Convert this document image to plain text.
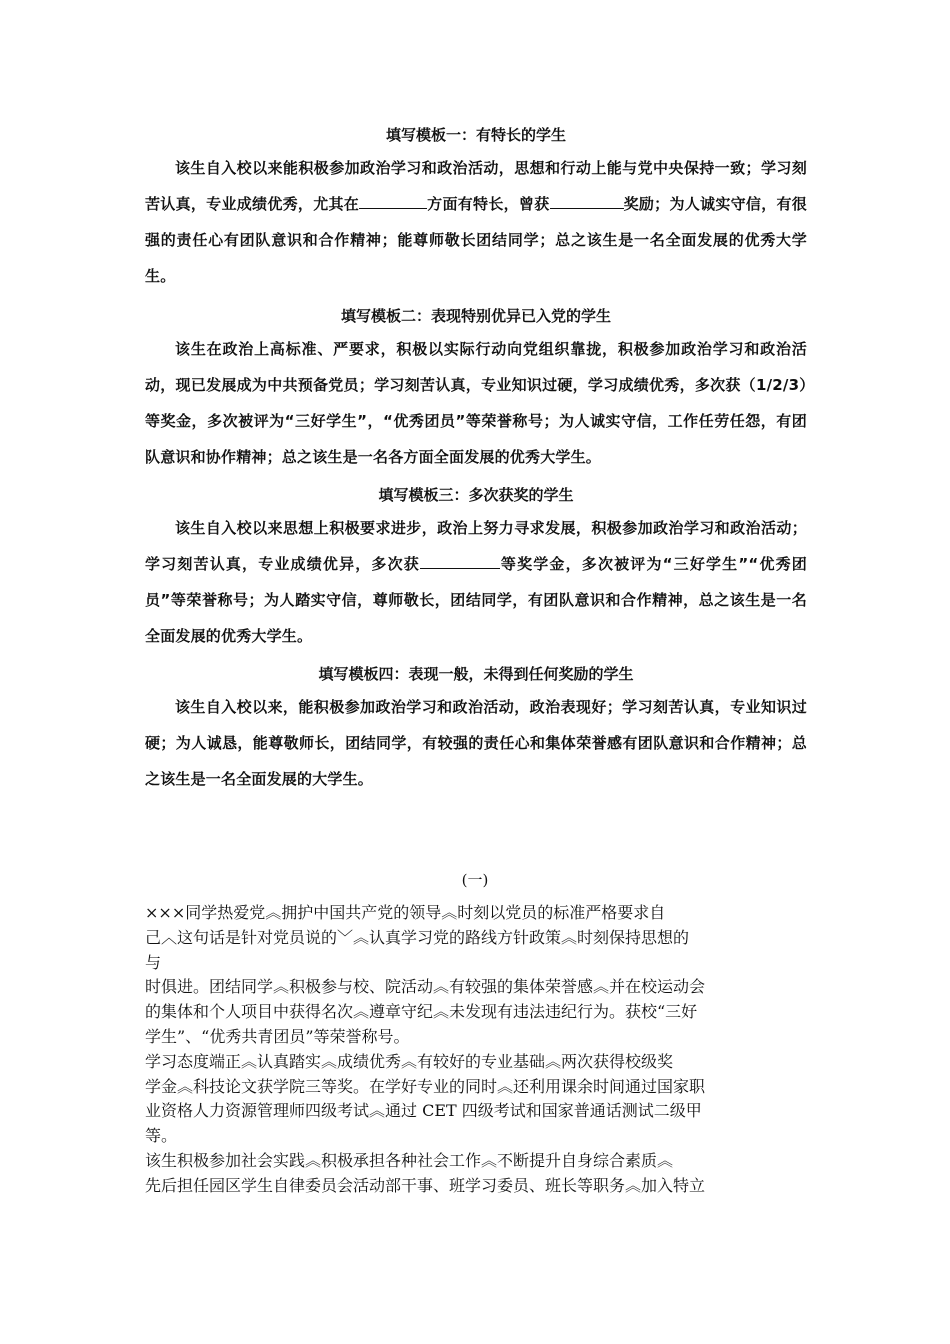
填写模板一：有特长的学生
该生自入校以来能积极参加政治学习和政治活动，思想和行动上能与党中央保持一致；学习刻苦认真，专业成绩优秀，尤其在	方面有特长，曾获	奖励；为人诚实守信，有很强的责任心有团队意识和合作精神；能尊师敬长团结同学；总之该生是一名全面发展的优秀大学生。
填写模板二：表现特别优异已入党的学生
该生在政治上高标准、严要求，积极以实际行动向党组织靠拢，积极参加政治学习和政治活动，现已发展成为中共预备党员；学习刻苦认真，专业知识过硬，学习成绩优秀，多次获（1/2/3）等奖金，多次被评为“三好学生”，“优秀团员”等荣誉称号；为人诚实守信，工作任劳任怨，有团队意识和协作精神；总之该生是一名各方面全面发展的优秀大学生。
填写模板三：多次获奖的学生
该生自入校以来思想上积极要求进步，政治上努力寻求发展，积极参加政治学习和政治活动；学习刻苦认真，专业成绩优异，多次获	等奖学金，多次被评为“三好学生”“优秀团员”等荣誉称号；为人踏实守信，尊师敬长，团结同学，有团队意识和合作精神，总之该生是一名全面发展的优秀大学生。
填写模板四：表现一般，未得到任何奖励的学生
该生自入校以来，能积极参加政治学习和政治活动，政治表现好；学习刻苦认真，专业知识过硬；为人诚恳，能尊敬师长，团结同学，有较强的责任心和集体荣誉感有团队意识和合作精神；总之该生是一名全面发展的大学生。
(一)
×××同学热爱党︽拥护中国共产党的领导︽时刻以党员的标准严格要求自
己︿这句话是针对党员说的﹀︽认真学习党的路线方针政策︽时刻保持思想的
与
时俱进。团结同学︽积极参与校、院活动︽有较强的集体荣誉感︽并在校运动会
的集体和个人项目中获得名次︽遵章守纪︽未发现有违法违纪行为。获校“三好
学生”、“优秀共青团员”等荣誉称号。
学习态度端正︽认真踏实︽成绩优秀︽有较好的专业基础︽两次获得校级奖
学金︽科技论文获学院三等奖。在学好专业的同时︽还利用课余时间通过国家职
业资格人力资源管理师四级考试︽通过 CET 四级考试和国家普通话测试二级甲
等。
该生积极参加社会实践︽积极承担各种社会工作︽不断提升自身综合素质︽
先后担任园区学生自律委员会活动部干事、班学习委员、班长等职务︽加入特立
